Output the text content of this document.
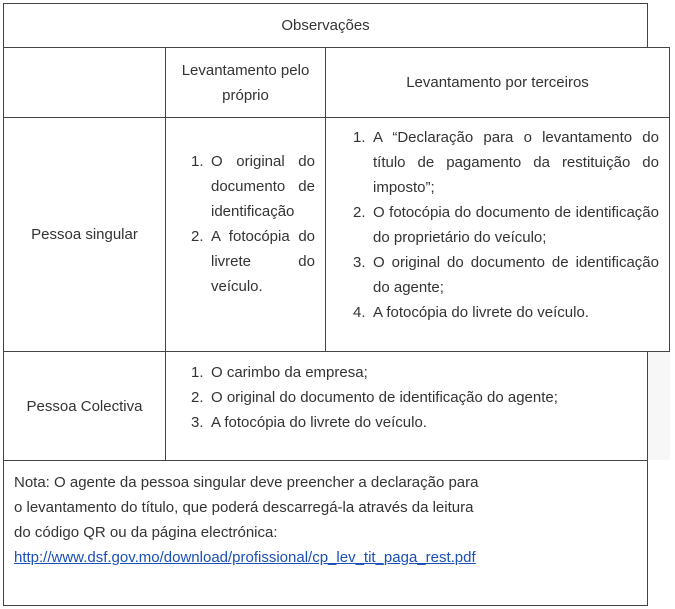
Observações
Levantamento pelo próprio
Levantamento por terceiros
Pessoa singular
1. O original do documento de identificação
2. A fotocópia do livrete do veículo.
1. A “Declaração para o levantamento do título de pagamento da restituição do imposto”;
2. O fotocópia do documento de identificação do proprietário do veículo;
3. O original do documento de identificação do agente;
4. A fotocópia do livrete do veículo.
Pessoa Colectiva
1. O carimbo da empresa;
2. O original do documento de identificação do agente;
3. A fotocópia do livrete do veículo.
Nota: O agente da pessoa singular deve preencher a declaração para o levantamento do título, que poderá descarregá-la através da leitura do código QR ou da página electrónica:
http://www.dsf.gov.mo/download/profissional/cp_lev_tit_paga_rest.pdf
